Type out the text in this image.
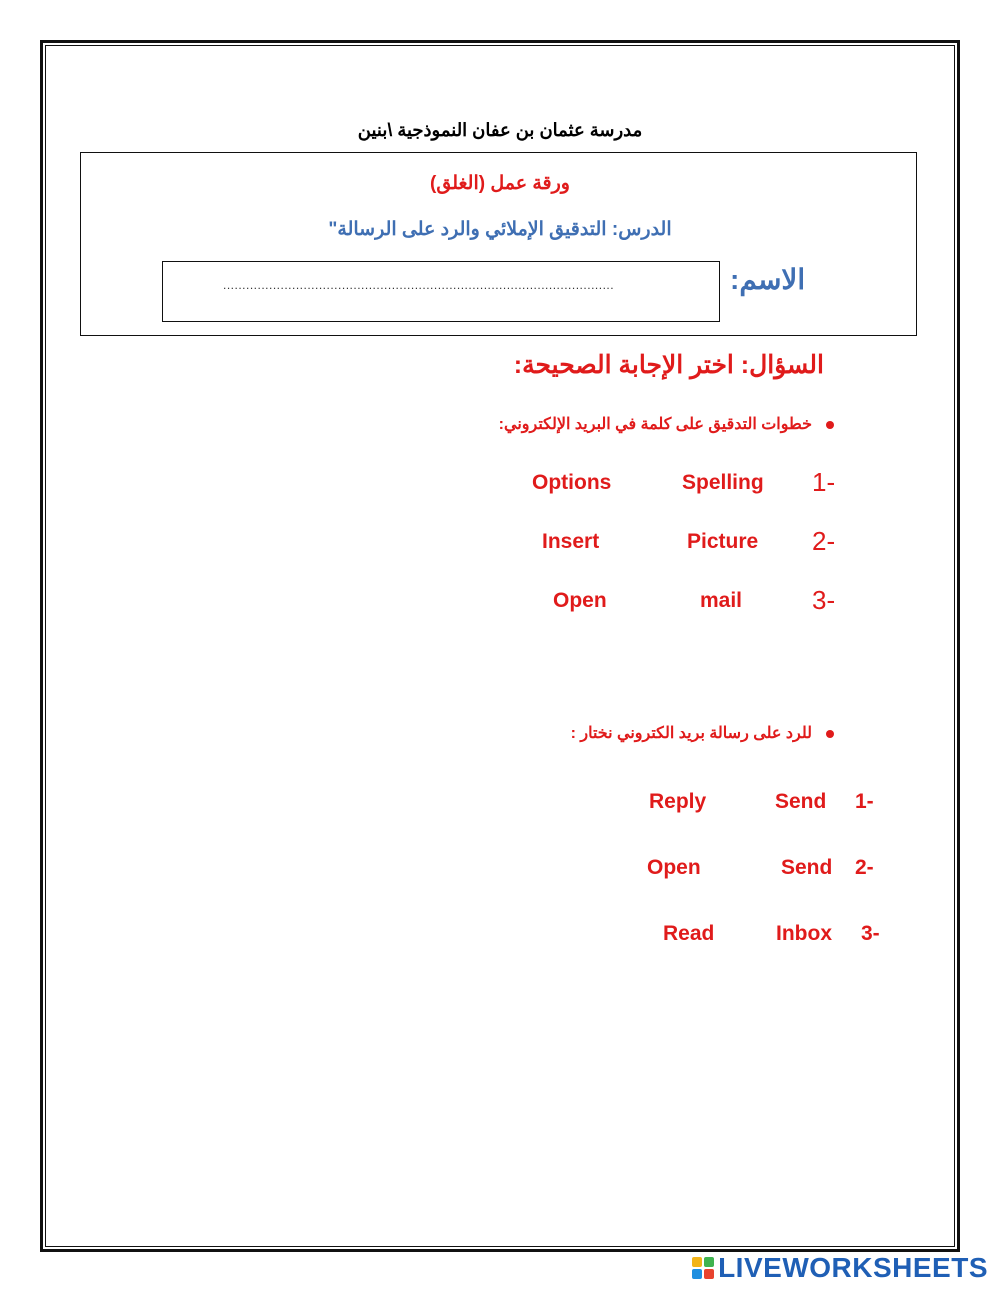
مدرسة عثمان بن عفان النموذجية \بنين
ورقة عمل (الغلق)
الدرس: التدقيق الإملائي والرد على الرسالة"
الاسم:
......................................................................................................
السؤال: اختر الإجابة الصحيحة:
خطوات التدقيق على كلمة في البريد الإلكتروني:
1-
Spelling
Options
2-
Picture
Insert
3-
mail
Open
للرد على رسالة بريد الكتروني نختار :
1-
Send
Reply
2-
Send
Open
3-
Inbox
Read
LIVEWORKSHEETS
